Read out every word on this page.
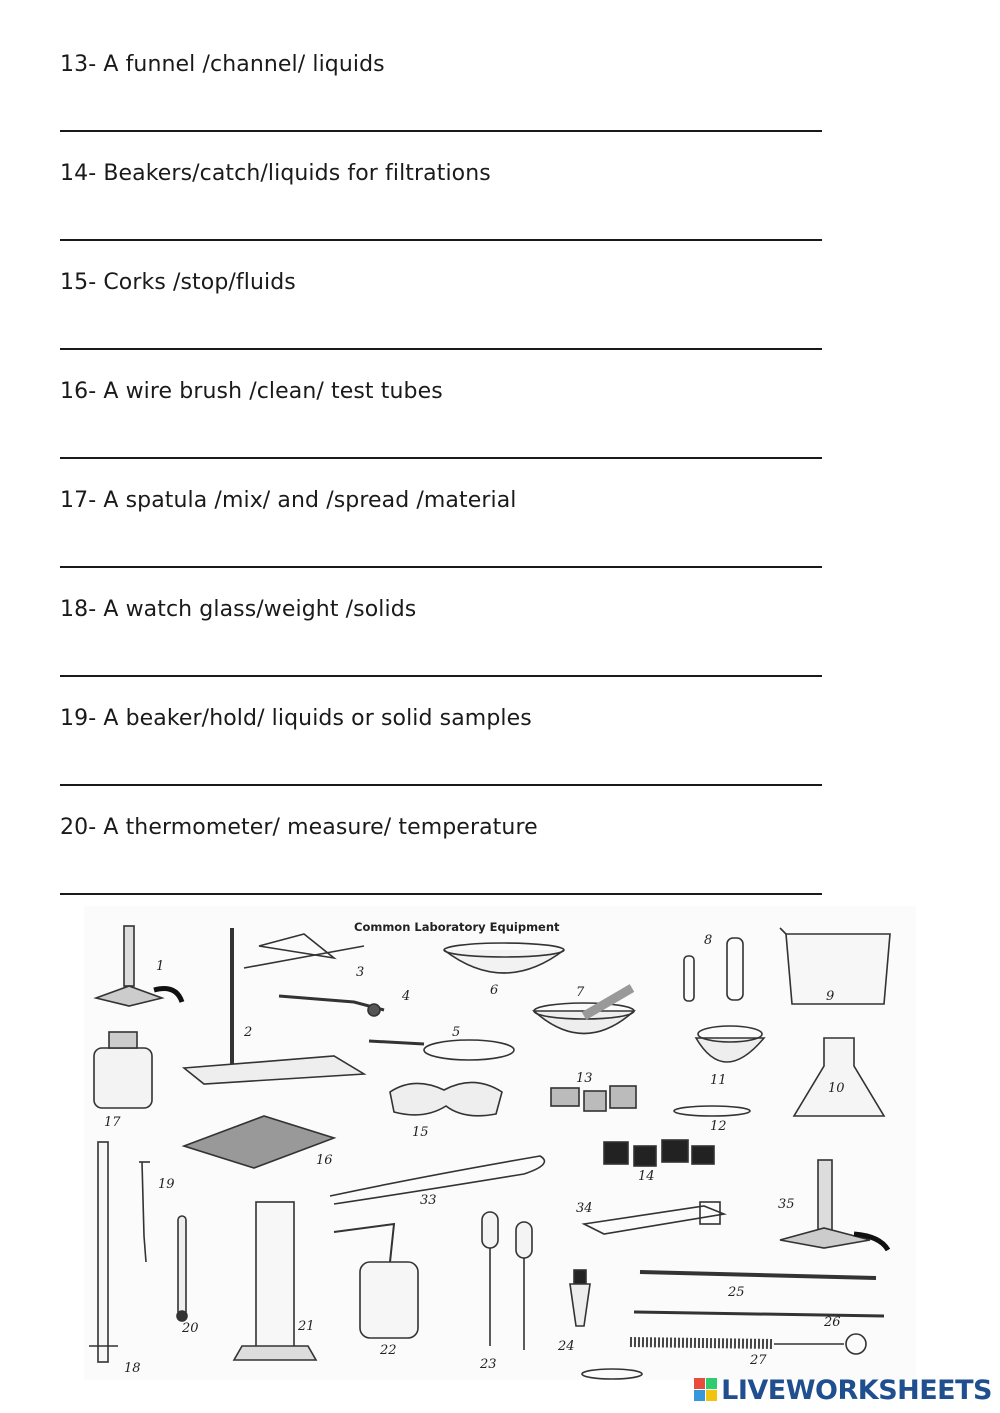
13- A funnel /channel/ liquids
14- Beakers/catch/liquids for filtrations
15- Corks /stop/fluids
16- A wire brush /clean/ test tubes
17- A spatula /mix/ and /spread /material
18- A watch glass/weight /solids
19- A beaker/hold/ liquids or solid samples
20- A thermometer/ measure/ temperature
Common Laboratory Equipment
1
2
3
4
5
6	7
8
9
10
11
12
13
14
15
16
17
18
19
20	21
22
23
24
25
26
27
33
34	35
LIVEWORKSHEETS
